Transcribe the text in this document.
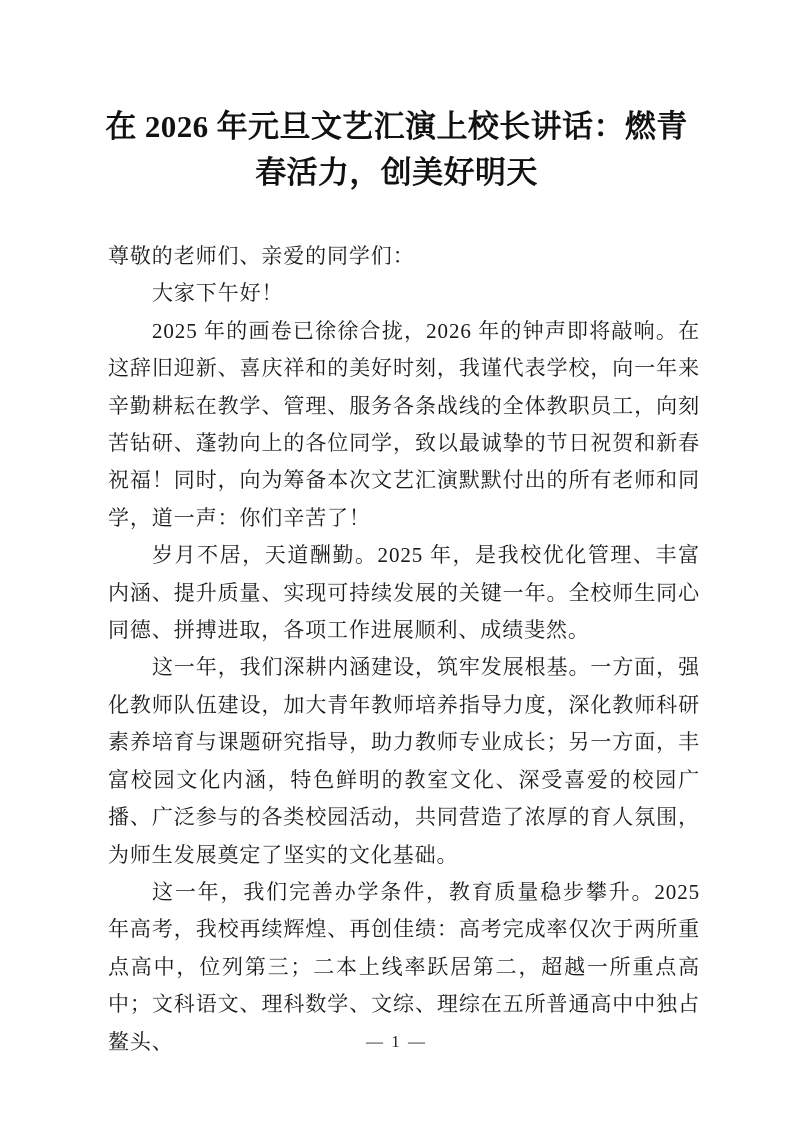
在 2026 年元旦文艺汇演上校长讲话：燃青
春活力，创美好明天

尊敬的老师们、亲爱的同学们：

大家下午好！

2025 年的画卷已徐徐合拢，2026 年的钟声即将敲响。在这辞旧迎新、喜庆祥和的美好时刻，我谨代表学校，向一年来辛勤耕耘在教学、管理、服务各条战线的全体教职员工，向刻苦钻研、蓬勃向上的各位同学，致以最诚挚的节日祝贺和新春祝福！同时，向为筹备本次文艺汇演默默付出的所有老师和同学，道一声：你们辛苦了！

岁月不居，天道酬勤。2025 年，是我校优化管理、丰富内涵、提升质量、实现可持续发展的关键一年。全校师生同心同德、拼搏进取，各项工作进展顺利、成绩斐然。

这一年，我们深耕内涵建设，筑牢发展根基。一方面，强化教师队伍建设，加大青年教师培养指导力度，深化教师科研素养培育与课题研究指导，助力教师专业成长；另一方面，丰富校园文化内涵，特色鲜明的教室文化、深受喜爱的校园广播、广泛参与的各类校园活动，共同营造了浓厚的育人氛围，为师生发展奠定了坚实的文化基础。

这一年，我们完善办学条件，教育质量稳步攀升。2025 年高考，我校再续辉煌、再创佳绩：高考完成率仅次于两所重点高中，位列第三；二本上线率跃居第二，超越一所重点高中；文科语文、理科数学、文综、理综在五所普通高中中独占鳌头、	— 1 —
